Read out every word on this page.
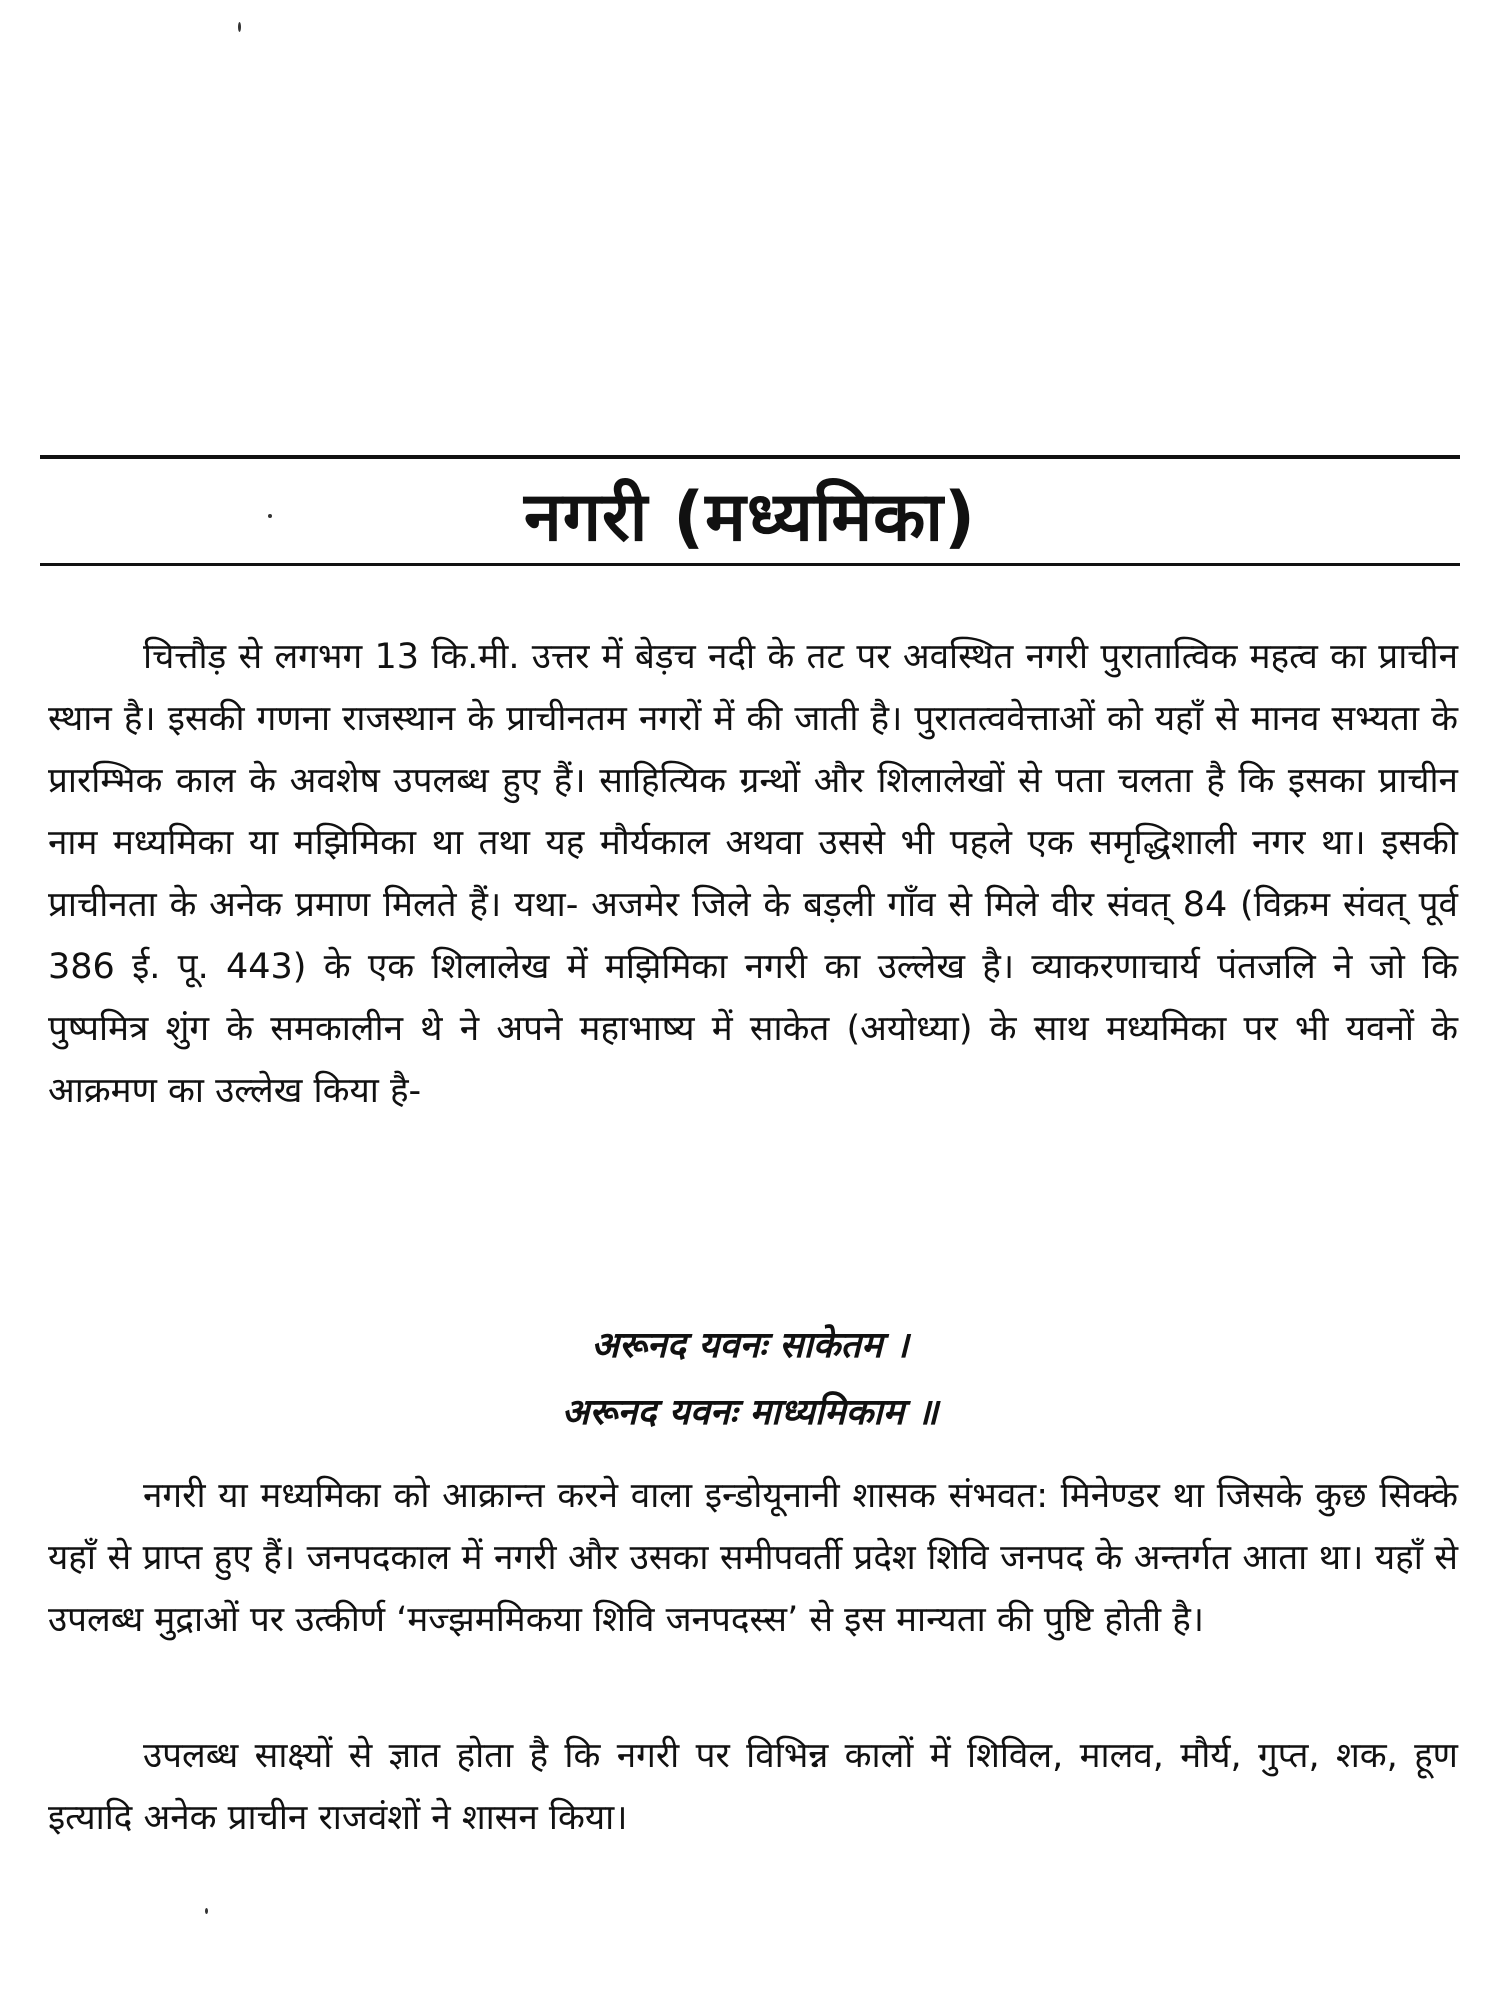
नगरी (मध्यमिका)

चित्तौड़ से लगभग 13 कि.मी. उत्तर में बेड़च नदी के तट पर अवस्थित नगरी पुरातात्विक महत्व का प्राचीन स्थान है। इसकी गणना राजस्थान के प्राचीनतम नगरों में की जाती है। पुरातत्ववेत्ताओं को यहाँ से मानव सभ्यता के प्रारम्भिक काल के अवशेष उपलब्ध हुए हैं। साहित्यिक ग्रन्थों और शिलालेखों से पता चलता है कि इसका प्राचीन नाम मध्यमिका या मझिमिका था तथा यह मौर्यकाल अथवा उससे भी पहले एक समृद्धिशाली नगर था। इसकी प्राचीनता के अनेक प्रमाण मिलते हैं। यथा- अजमेर जिले के बड़ली गाँव से मिले वीर संवत् 84 (विक्रम संवत् पूर्व 386 ई. पू. 443) के एक शिलालेख में मझिमिका नगरी का उल्लेख है। व्याकरणाचार्य पंतजलि ने जो कि पुष्पमित्र शुंग के समकालीन थे ने अपने महाभाष्य में साकेत (अयोध्या) के साथ मध्यमिका पर भी यवनों के आक्रमण का उल्लेख किया है-

अरूनद यवनः साकेतम ।
अरूनद यवनः माध्यमिकाम ॥

नगरी या मध्यमिका को आक्रान्त करने वाला इन्डोयूनानी शासक संभवत: मिनेण्डर था जिसके कुछ सिक्के यहाँ से प्राप्त हुए हैं। जनपदकाल में नगरी और उसका समीपवर्ती प्रदेश शिवि जनपद के अन्तर्गत आता था। यहाँ से उपलब्ध मुद्राओं पर उत्कीर्ण ‘मज्झममिकया शिवि जनपदस्स’ से इस मान्यता की पुष्टि होती है।

उपलब्ध साक्ष्यों से ज्ञात होता है कि नगरी पर विभिन्न कालों में शिविल, मालव, मौर्य, गुप्त, शक, हूण इत्यादि अनेक प्राचीन राजवंशों ने शासन किया।
